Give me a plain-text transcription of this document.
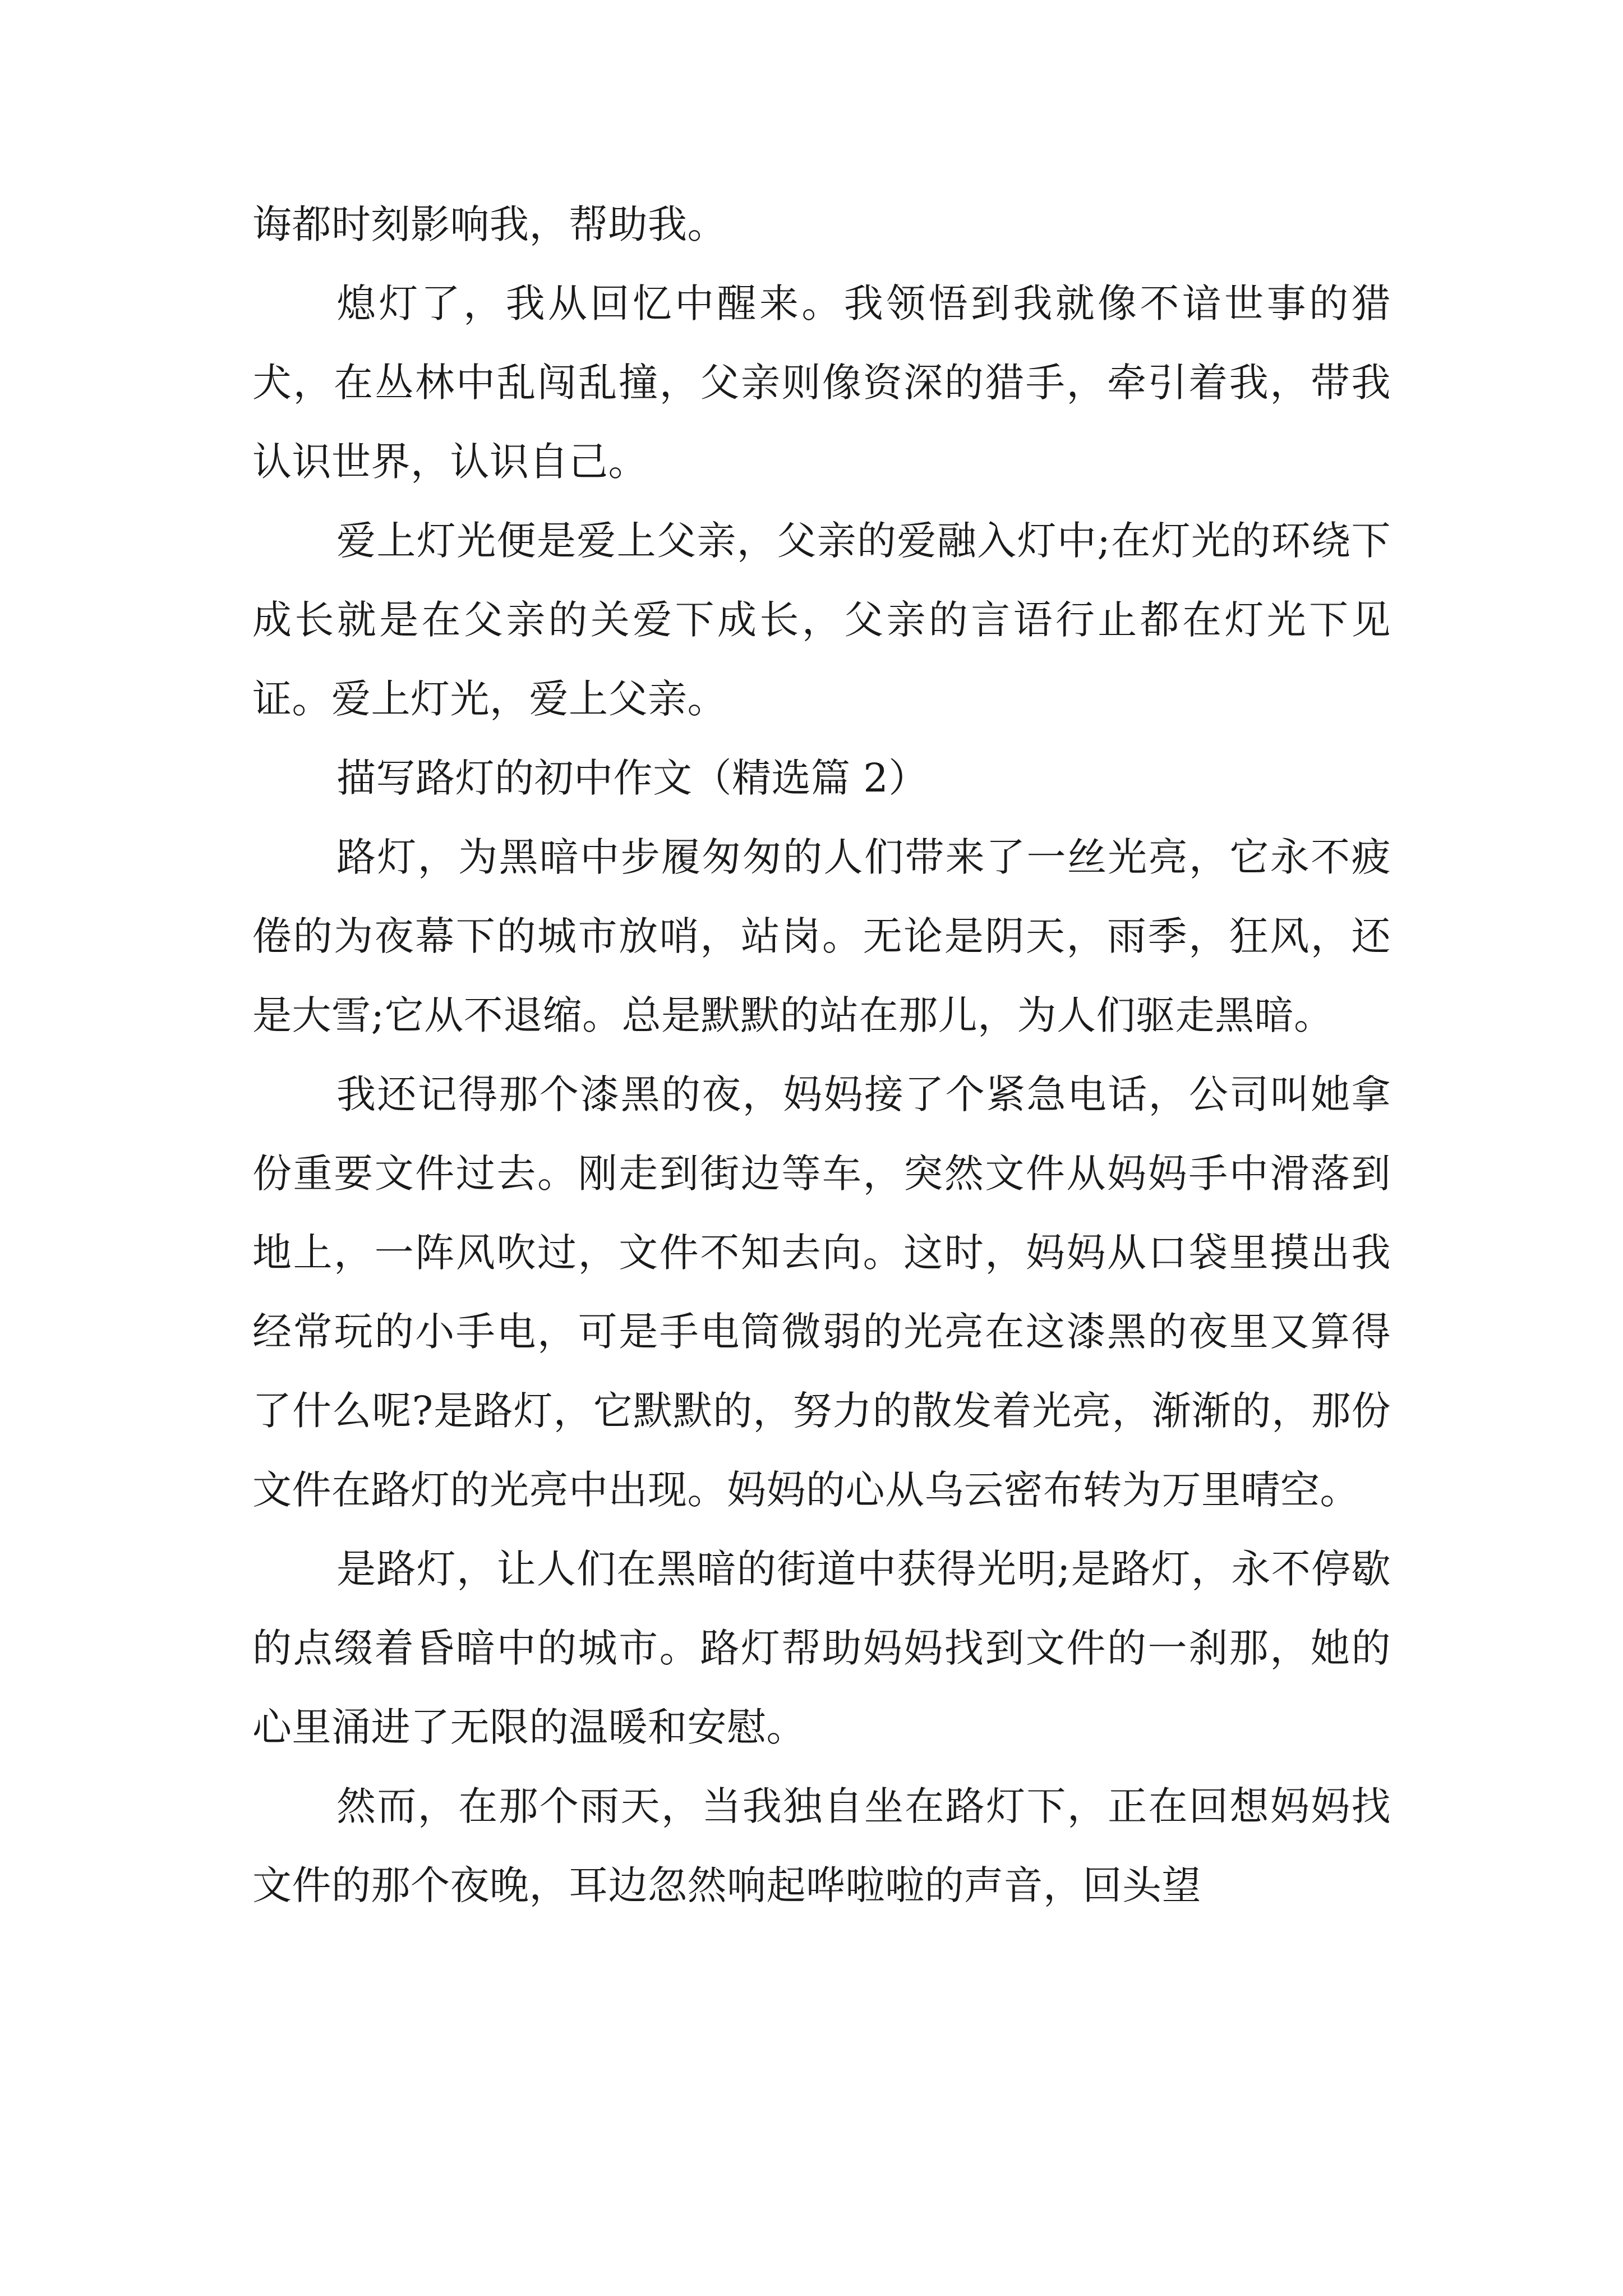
诲都时刻影响我，帮助我。

熄灯了，我从回忆中醒来。我领悟到我就像不谙世事的猎犬，在丛林中乱闯乱撞，父亲则像资深的猎手，牵引着我，带我认识世界，认识自己。

爱上灯光便是爱上父亲，父亲的爱融入灯中;在灯光的环绕下成长就是在父亲的关爱下成长，父亲的言语行止都在灯光下见证。爱上灯光，爱上父亲。

描写路灯的初中作文（精选篇 2）

路灯，为黑暗中步履匆匆的人们带来了一丝光亮，它永不疲倦的为夜幕下的城市放哨，站岗。无论是阴天，雨季，狂风，还是大雪;它从不退缩。总是默默的站在那儿，为人们驱走黑暗。

我还记得那个漆黑的夜，妈妈接了个紧急电话，公司叫她拿份重要文件过去。刚走到街边等车，突然文件从妈妈手中滑落到地上，一阵风吹过，文件不知去向。这时，妈妈从口袋里摸出我经常玩的小手电，可是手电筒微弱的光亮在这漆黑的夜里又算得了什么呢?是路灯，它默默的，努力的散发着光亮，渐渐的，那份文件在路灯的光亮中出现。妈妈的心从乌云密布转为万里晴空。

是路灯，让人们在黑暗的街道中获得光明;是路灯，永不停歇的点缀着昏暗中的城市。路灯帮助妈妈找到文件的一刹那，她的心里涌进了无限的温暖和安慰。

然而，在那个雨天，当我独自坐在路灯下，正在回想妈妈找文件的那个夜晚，耳边忽然响起哗啦啦的声音，回头望
